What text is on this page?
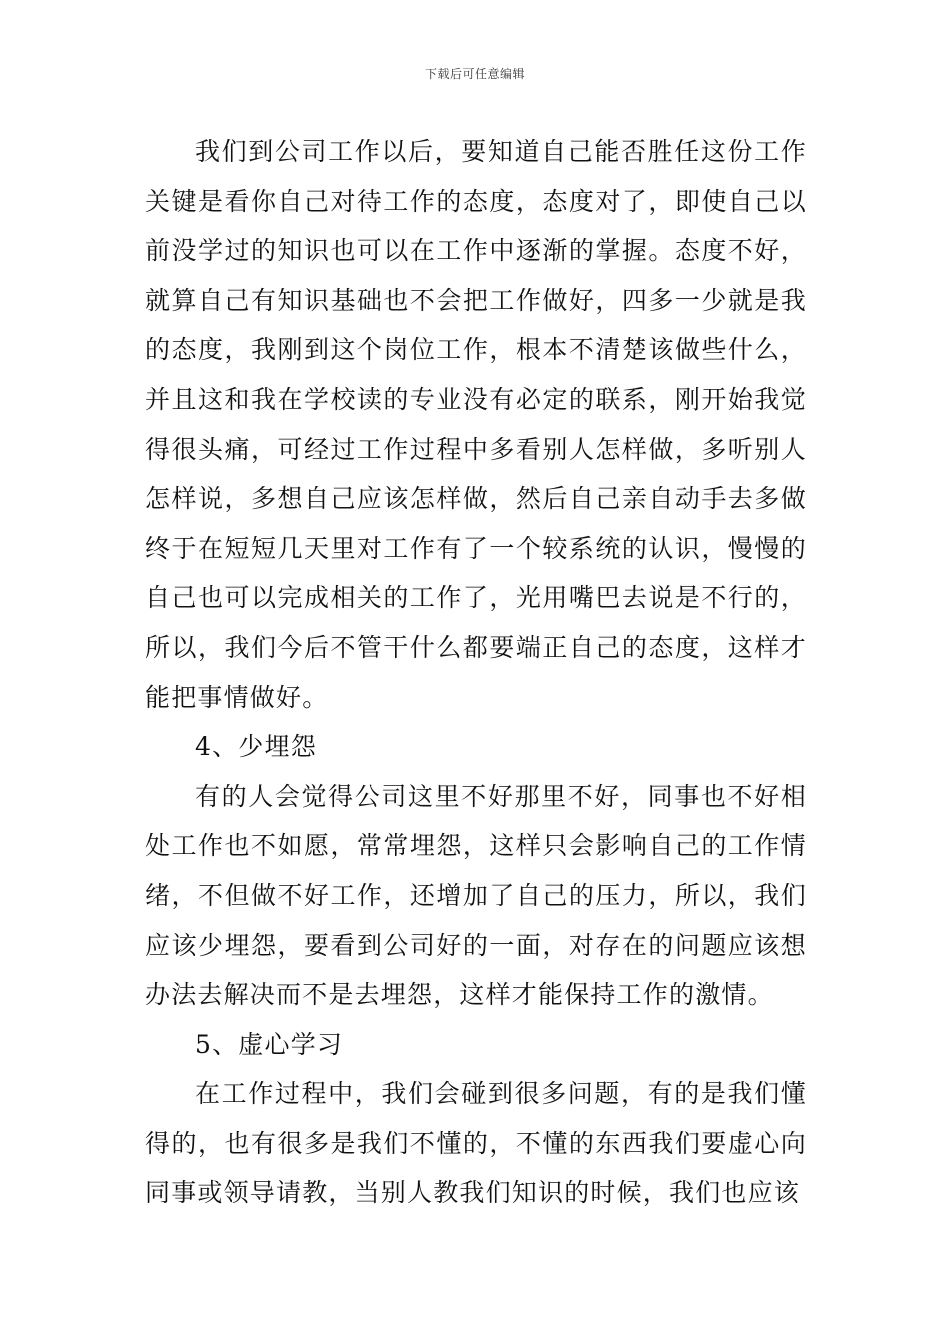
下载后可任意编辑

我们到公司工作以后，要知道自己能否胜任这份工作关键是看你自己对待工作的态度，态度对了，即使自己以前没学过的知识也可以在工作中逐渐的掌握。态度不好，就算自己有知识基础也不会把工作做好，四多一少就是我的态度，我刚到这个岗位工作，根本不清楚该做些什么，并且这和我在学校读的专业没有必定的联系，刚开始我觉得很头痛，可经过工作过程中多看别人怎样做，多听别人怎样说，多想自己应该怎样做，然后自己亲自动手去多做终于在短短几天里对工作有了一个较系统的认识，慢慢的自己也可以完成相关的工作了，光用嘴巴去说是不行的，所以，我们今后不管干什么都要端正自己的态度，这样才能把事情做好。

4、少埋怨

有的人会觉得公司这里不好那里不好，同事也不好相处工作也不如愿，常常埋怨，这样只会影响自己的工作情绪，不但做不好工作，还增加了自己的压力，所以，我们应该少埋怨，要看到公司好的一面，对存在的问题应该想办法去解决而不是去埋怨，这样才能保持工作的激情。

5、虚心学习

在工作过程中，我们会碰到很多问题，有的是我们懂得的，也有很多是我们不懂的，不懂的东西我们要虚心向同事或领导请教，当别人教我们知识的时候，我们也应该
